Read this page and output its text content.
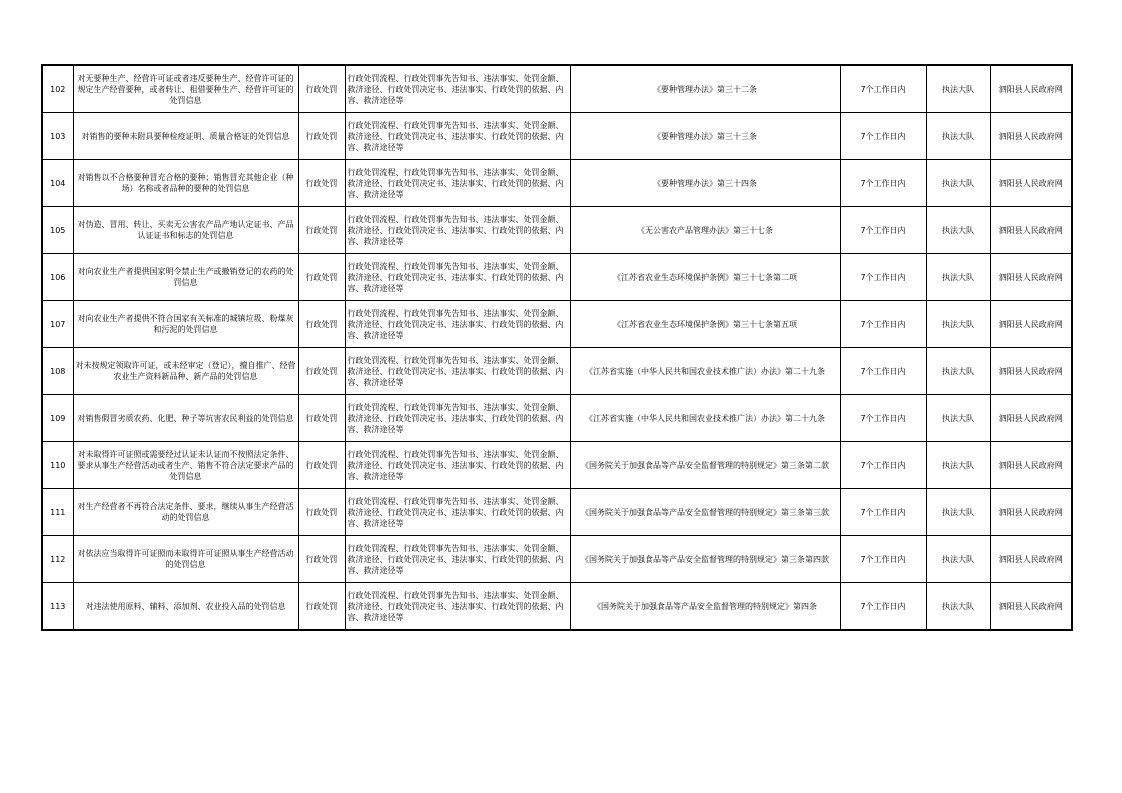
102	对无要种生产、经营许可证或者违反要种生产、经营许可证的规定生产经营要种，或者转让、租借要种生产、经营许可证的处罚信息	行政处罚	行政处罚流程、行政处罚事先告知书、违法事实、处罚金额、救济途径、行政处罚决定书、违法事实、行政处罚的依据、内容、救济途径等	《要种管理办法》第三十二条	7个工作日内	执法大队	泗阳县人民政府网
103	对销售的要种未附具要种检疫证明、质量合格证的处罚信息	行政处罚	行政处罚流程、行政处罚事先告知书、违法事实、处罚金额、救济途径、行政处罚决定书、违法事实、行政处罚的依据、内容、救济途径等	《要种管理办法》第三十三条	7个工作日内	执法大队	泗阳县人民政府网
104	对销售以不合格要种冒充合格的要种；销售冒充其他企业（种场）名称或者品种的要种的处罚信息	行政处罚	行政处罚流程、行政处罚事先告知书、违法事实、处罚金额、救济途径、行政处罚决定书、违法事实、行政处罚的依据、内容、救济途径等	《要种管理办法》第三十四条	7个工作日内	执法大队	泗阳县人民政府网
105	对伪造、冒用、转让、买卖无公害农产品产地认定证书、产品认证证书和标志的处罚信息	行政处罚	行政处罚流程、行政处罚事先告知书、违法事实、处罚金额、救济途径、行政处罚决定书、违法事实、行政处罚的依据、内容、救济途径等	《无公害农产品管理办法》第三十七条	7个工作日内	执法大队	泗阳县人民政府网
106	对向农业生产者提供国家明令禁止生产或撤销登记的农药的处罚信息	行政处罚	行政处罚流程、行政处罚事先告知书、违法事实、处罚金额、救济途径、行政处罚决定书、违法事实、行政处罚的依据、内容、救济途径等	《江苏省农业生态环境保护条例》第三十七条第二项	7个工作日内	执法大队	泗阳县人民政府网
107	对向农业生产者提供不符合国家有关标准的城镇垃圾、粉煤灰和污泥的处罚信息	行政处罚	行政处罚流程、行政处罚事先告知书、违法事实、处罚金额、救济途径、行政处罚决定书、违法事实、行政处罚的依据、内容、救济途径等	《江苏省农业生态环境保护条例》第三十七条第五项	7个工作日内	执法大队	泗阳县人民政府网
108	对未按规定领取许可证，或未经审定（登记），擅自推广、经营农业生产资料新品种、新产品的处罚信息	行政处罚	行政处罚流程、行政处罚事先告知书、违法事实、处罚金额、救济途径、行政处罚决定书、违法事实、行政处罚的依据、内容、救济途径等	《江苏省实施（中华人民共和国农业技术推广法）办法》第二十九条	7个工作日内	执法大队	泗阳县人民政府网
109	对销售假冒劣质农药、化肥、种子等坑害农民利益的处罚信息	行政处罚	行政处罚流程、行政处罚事先告知书、违法事实、处罚金额、救济途径、行政处罚决定书、违法事实、行政处罚的依据、内容、救济途径等	《江苏省实施（中华人民共和国农业技术推广法）办法》第二十九条	7个工作日内	执法大队	泗阳县人民政府网
110	对未取得许可证照或需要经过认证未认证而不按照法定条件、要求从事生产经营活动或者生产、销售不符合法定要求产品的处罚信息	行政处罚	行政处罚流程、行政处罚事先告知书、违法事实、处罚金额、救济途径、行政处罚决定书、违法事实、行政处罚的依据、内容、救济途径等	《国务院关于加强食品等产品安全监督管理的特别规定》第三条第二款	7个工作日内	执法大队	泗阳县人民政府网
111	对生产经营者不再符合法定条件、要求，继续从事生产经营活动的处罚信息	行政处罚	行政处罚流程、行政处罚事先告知书、违法事实、处罚金额、救济途径、行政处罚决定书、违法事实、行政处罚的依据、内容、救济途径等	《国务院关于加强食品等产品安全监督管理的特别规定》第三条第三款	7个工作日内	执法大队	泗阳县人民政府网
112	对依法应当取得许可证照而未取得许可证照从事生产经营活动的处罚信息	行政处罚	行政处罚流程、行政处罚事先告知书、违法事实、处罚金额、救济途径、行政处罚决定书、违法事实、行政处罚的依据、内容、救济途径等	《国务院关于加强食品等产品安全监督管理的特别规定》第三条第四款	7个工作日内	执法大队	泗阳县人民政府网
113	对违法使用原料、辅料、添加剂、农业投入品的处罚信息	行政处罚	行政处罚流程、行政处罚事先告知书、违法事实、处罚金额、救济途径、行政处罚决定书、违法事实、行政处罚的依据、内容、救济途径等	《国务院关于加强食品等产品安全监督管理的特别规定》第四条	7个工作日内	执法大队	泗阳县人民政府网
